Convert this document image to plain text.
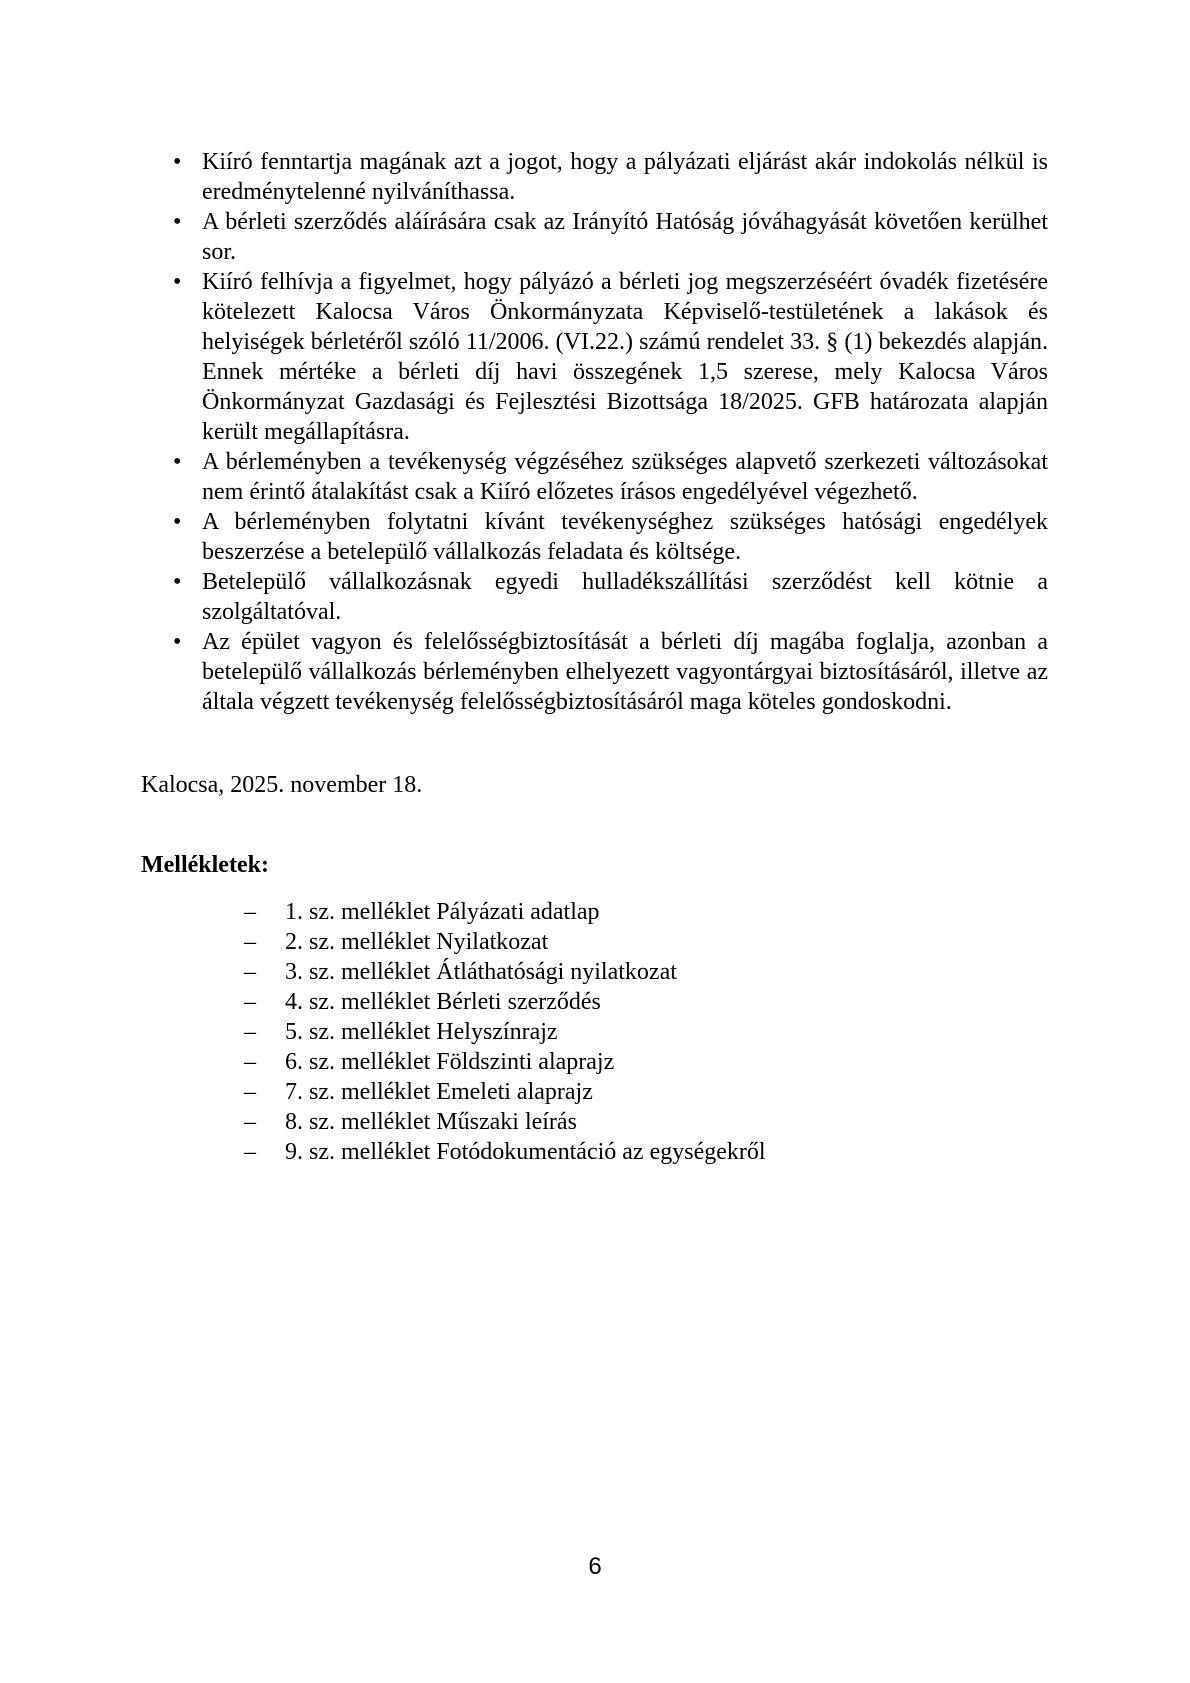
• Kiíró fenntartja magának azt a jogot, hogy a pályázati eljárást akár indokolás nélkül is eredménytelenné nyilváníthassa.
• A bérleti szerződés aláírására csak az Irányító Hatóság jóváhagyását követően kerülhet sor.
• Kiíró felhívja a figyelmet, hogy pályázó a bérleti jog megszerzéséért óvadék fizetésére kötelezett Kalocsa Város Önkormányzata Képviselő-testületének a lakások és helyiségek bérletéről szóló 11/2006. (VI.22.) számú rendelet 33. § (1) bekezdés alapján. Ennek mértéke a bérleti díj havi összegének 1,5 szerese, mely Kalocsa Város Önkormányzat Gazdasági és Fejlesztési Bizottsága 18/2025. GFB határozata alapján került megállapításra.
• A bérleményben a tevékenység végzéséhez szükséges alapvető szerkezeti változásokat nem érintő átalakítást csak a Kiíró előzetes írásos engedélyével végezhető.
• A bérleményben folytatni kívánt tevékenységhez szükséges hatósági engedélyek beszerzése a betelepülő vállalkozás feladata és költsége.
• Betelepülő vállalkozásnak egyedi hulladékszállítási szerződést kell kötnie a szolgáltatóval.
• Az épület vagyon és felelősségbiztosítását a bérleti díj magába foglalja, azonban a betelepülő vállalkozás bérleményben elhelyezett vagyontárgyai biztosításáról, illetve az általa végzett tevékenység felelősségbiztosításáról maga köteles gondoskodni.

Kalocsa, 2025. november 18.

Mellékletek:

– 1. sz. melléklet Pályázati adatlap
– 2. sz. melléklet Nyilatkozat
– 3. sz. melléklet Átláthatósági nyilatkozat
– 4. sz. melléklet Bérleti szerződés
– 5. sz. melléklet Helyszínrajz
– 6. sz. melléklet Földszinti alaprajz
– 7. sz. melléklet Emeleti alaprajz
– 8. sz. melléklet Műszaki leírás
– 9. sz. melléklet Fotódokumentáció az egységekről
6
